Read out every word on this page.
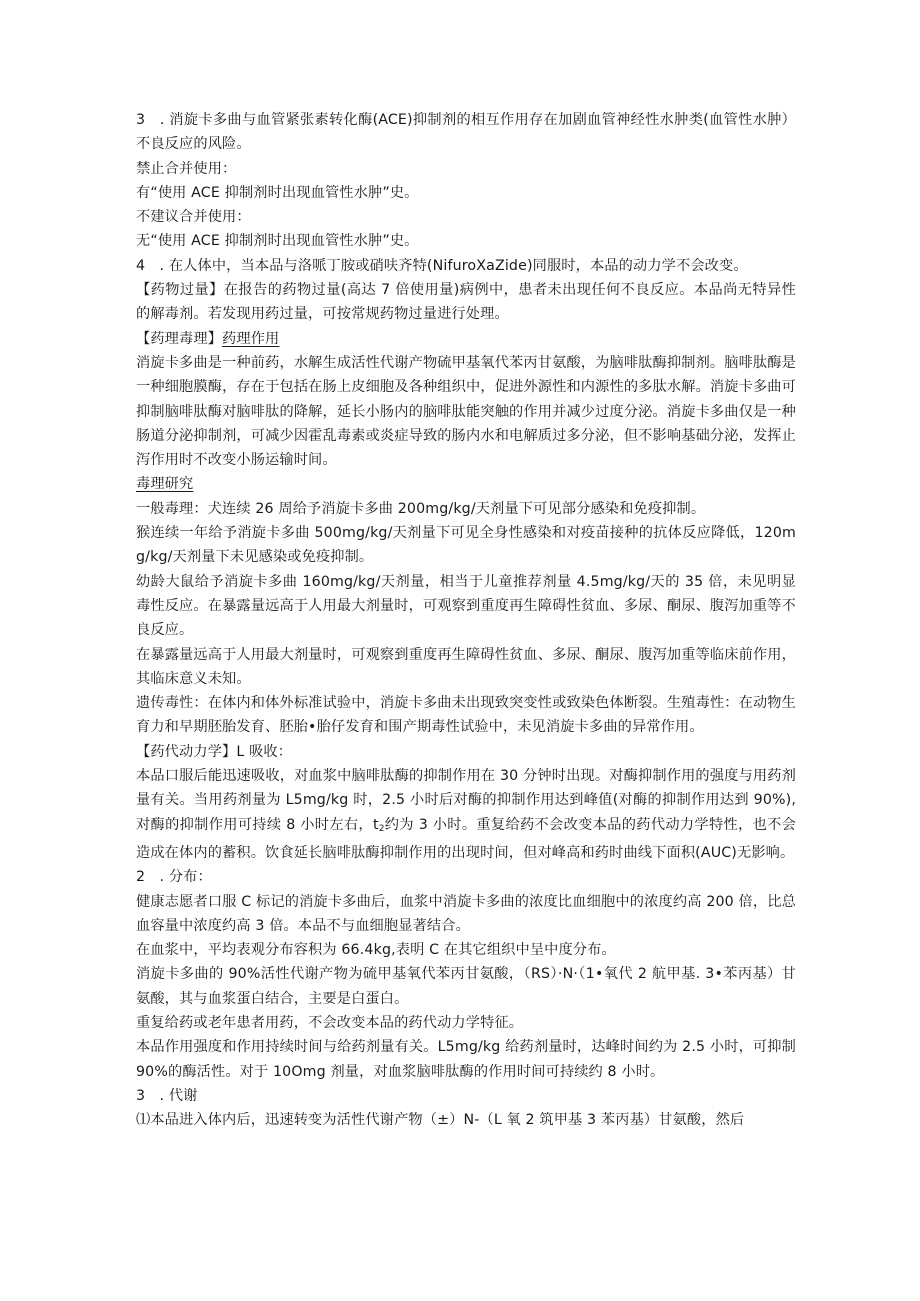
3　. 消旋卡多曲与血管紧张素转化酶(ACE)抑制剂的相互作用存在加剧血管神经性水肿类(血管性水肿）不良反应的风险。

禁止合并使用：

有“使用 ACE 抑制剂时出现血管性水肿”史。

不建议合并使用：

无“使用 ACE 抑制剂时出现血管性水肿”史。

4　. 在人体中，当本品与洛哌丁胺或硝呋齐特(NifuroXaZide)同服时，本品的动力学不会改变。

【药物过量】在报告的药物过量(高达 7 倍使用量)病例中，患者未出现任何不良反应。本品尚无特异性的解毒剂。若发现用药过量，可按常规药物过量进行处理。

【药理毒理】药理作用

消旋卡多曲是一种前药，水解生成活性代谢产物硫甲基氧代苯丙甘氨酸，为脑啡肽酶抑制剂。脑啡肽酶是一种细胞膜酶，存在于包括在肠上皮细胞及各种组织中，促进外源性和内源性的多肽水解。消旋卡多曲可抑制脑啡肽酶对脑啡肽的降解，延长小肠内的脑啡肽能突触的作用并减少过度分泌。消旋卡多曲仅是一种肠道分泌抑制剂，可减少因霍乱毒素或炎症导致的肠内水和电解质过多分泌，但不影响基础分泌，发挥止泻作用时不改变小肠运输时间。

毒理研究

一般毒理：犬连续 26 周给予消旋卡多曲 200mg/kg/天剂量下可见部分感染和免疫抑制。

猴连续一年给予消旋卡多曲 500mg/kg/天剂量下可见全身性感染和对疫苗接种的抗体反应降低，120mg/kg/天剂量下未见感染或免疫抑制。

幼龄大鼠给予消旋卡多曲 160mg/kg/天剂量，相当于儿童推荐剂量 4.5mg/kg/天的 35 倍，未见明显毒性反应。在暴露量远高于人用最大剂量时，可观察到重度再生障碍性贫血、多尿、酮尿、腹泻加重等不良反应。

在暴露量远高于人用最大剂量时，可观察到重度再生障碍性贫血、多尿、酮尿、腹泻加重等临床前作用，其临床意义未知。

遗传毒性：在体内和体外标准试验中，消旋卡多曲未出现致突变性或致染色体断裂。生殖毒性：在动物生育力和早期胚胎发育、胚胎•胎仔发育和围产期毒性试验中，未见消旋卡多曲的异常作用。

【药代动力学】L 吸收：

本品口服后能迅速吸收，对血浆中脑啡肽酶的抑制作用在 30 分钟时出现。对酶抑制作用的强度与用药剂量有关。当用药剂量为 L5mg/kg 时，2.5 小时后对酶的抑制作用达到峰值(对酶的抑制作用达到 90%),对酶的抑制作用可持续 8 小时左右，$t_2$约为 3 小时。重复给药不会改变本品的药代动力学特性，也不会造成在体内的蓄积。饮食延长脑啡肽酶抑制作用的出现时间，但对峰高和药时曲线下面积(AUC)无影响。

2　. 分布：

健康志愿者口服 C 标记的消旋卡多曲后，血浆中消旋卡多曲的浓度比血细胞中的浓度约高 200 倍，比总血容量中浓度约高 3 倍。本品不与血细胞显著结合。

在血浆中，平均表观分布容积为 66.4kg,表明 C 在其它组织中呈中度分布。

消旋卡多曲的 90%活性代谢产物为硫甲基氧代苯丙甘氨酸，（RS）·N·（1•氧代 2 航甲基. 3•苯丙基）甘氨酸，其与血浆蛋白结合，主要是白蛋白。

重复给药或老年患者用药，不会改变本品的药代动力学特征。

本品作用强度和作用持续时间与给药剂量有关。L5mg/kg 给药剂量时，达峰时间约为 2.5 小时，可抑制 90%的酶活性。对于 10Omg 剂量，对血浆脑啡肽酶的作用时间可持续约 8 小时。

3　. 代谢

⑴本品进入体内后，迅速转变为活性代谢产物（±）N-（L 氧 2 筑甲基 3 苯丙基）甘氨酸，然后
